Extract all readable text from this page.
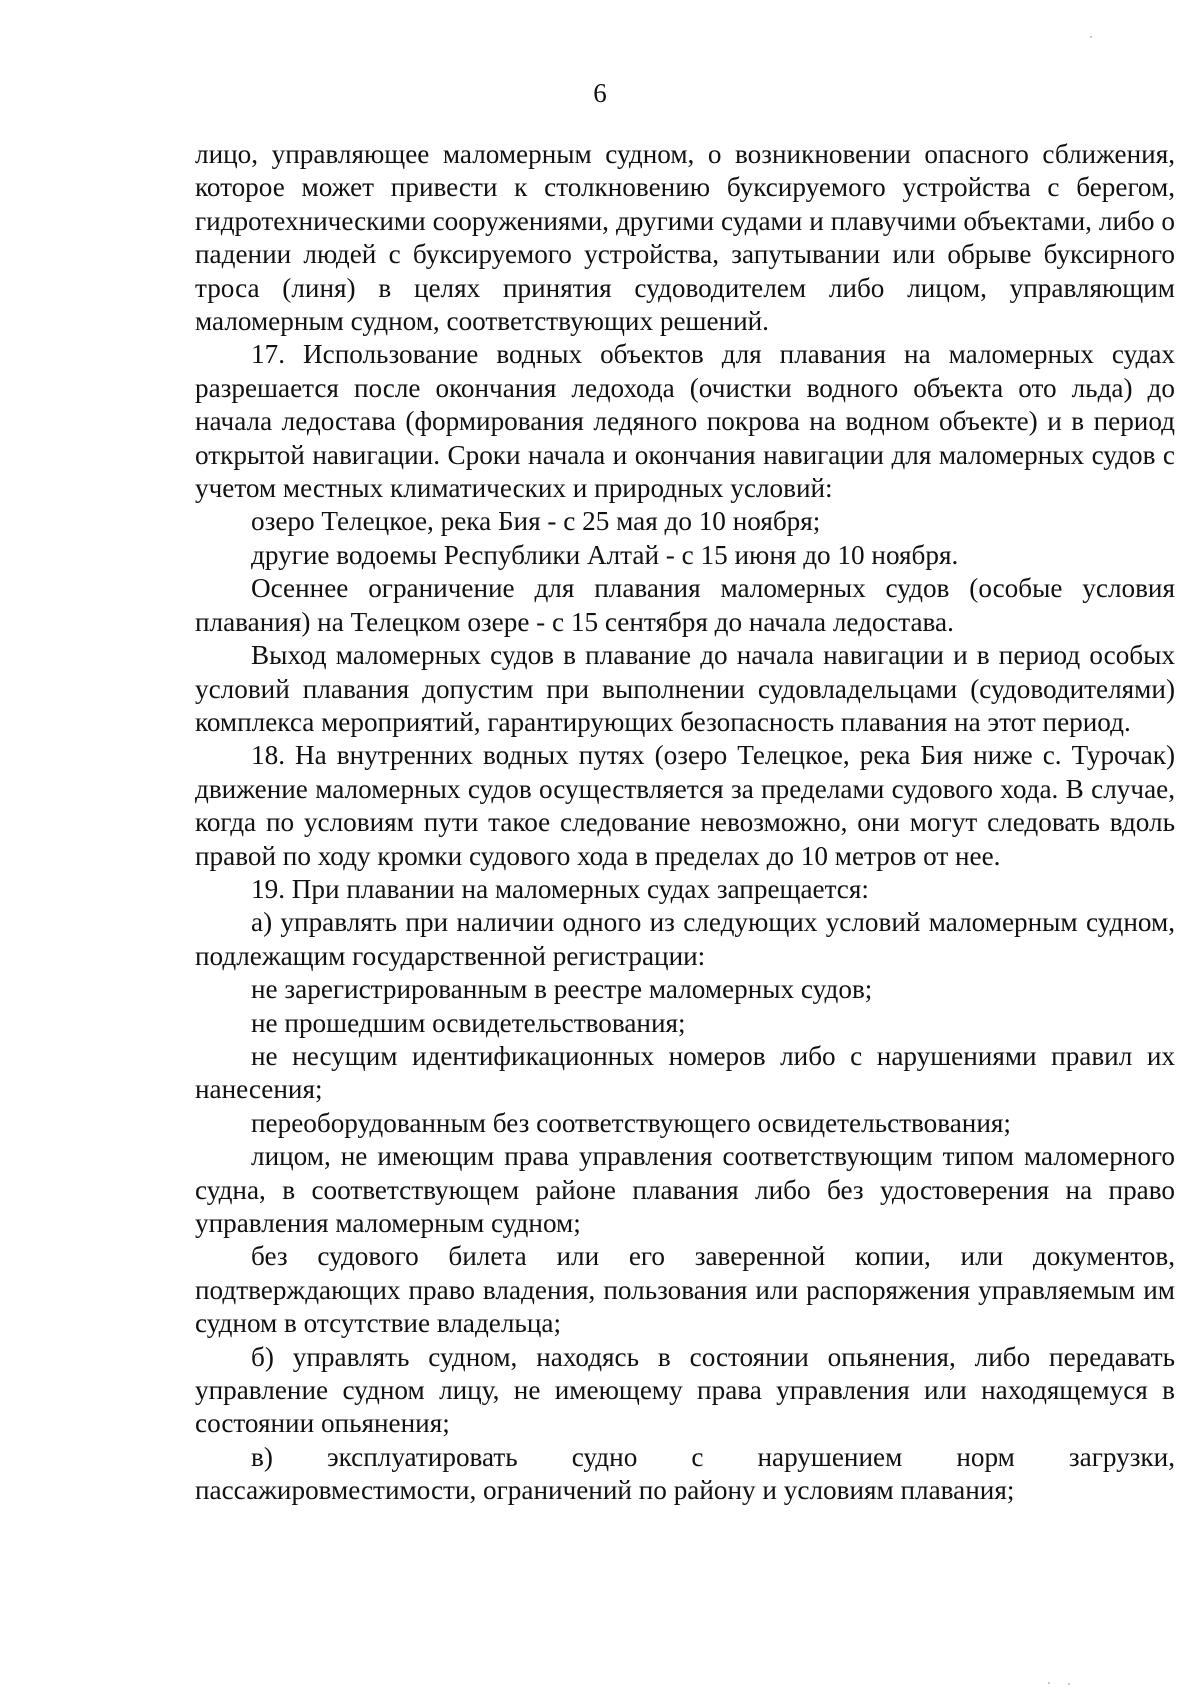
6

лицо, управляющее маломерным судном, о возникновении опасного сближения, которое может привести к столкновению буксируемого устройства с берегом, гидротехническими сооружениями, другими судами и плавучими объектами, либо о падении людей с буксируемого устройства, запутывании или обрыве буксирного троса (линя) в целях принятия судоводителем либо лицом, управляющим маломерным судном, соответствующих решений.

17. Использование водных объектов для плавания на маломерных судах разрешается после окончания ледохода (очистки водного объекта ото льда) до начала ледостава (формирования ледяного покрова на водном объекте) и в период открытой навигации. Сроки начала и окончания навигации для маломерных судов с учетом местных климатических и природных условий:

озеро Телецкое, река Бия - с 25 мая до 10 ноября;

другие водоемы Республики Алтай - с 15 июня до 10 ноября.

Осеннее ограничение для плавания маломерных судов (особые условия плавания) на Телецком озере - с 15 сентября до начала ледостава.

Выход маломерных судов в плавание до начала навигации и в период особых условий плавания допустим при выполнении судовладельцами (судоводителями) комплекса мероприятий, гарантирующих безопасность плавания на этот период.

18. На внутренних водных путях (озеро Телецкое, река Бия ниже с. Турочак) движение маломерных судов осуществляется за пределами судового хода. В случае, когда по условиям пути такое следование невозможно, они могут следовать вдоль правой по ходу кромки судового хода в пределах до 10 метров от нее.

19. При плавании на маломерных судах запрещается:

а) управлять при наличии одного из следующих условий маломерным судном, подлежащим государственной регистрации:

не зарегистрированным в реестре маломерных судов;

не прошедшим освидетельствования;

не несущим идентификационных номеров либо с нарушениями правил их нанесения;

переоборудованным без соответствующего освидетельствования;

лицом, не имеющим права управления соответствующим типом маломерного судна, в соответствующем районе плавания либо без удостоверения на право управления маломерным судном;

без судового билета или его заверенной копии, или документов, подтверждающих право владения, пользования или распоряжения управляемым им судном в отсутствие владельца;

б) управлять судном, находясь в состоянии опьянения, либо передавать управление судном лицу, не имеющему права управления или находящемуся в состоянии опьянения;

в) эксплуатировать судно с нарушением норм загрузки, пассажировместимости, ограничений по району и условиям плавания;
